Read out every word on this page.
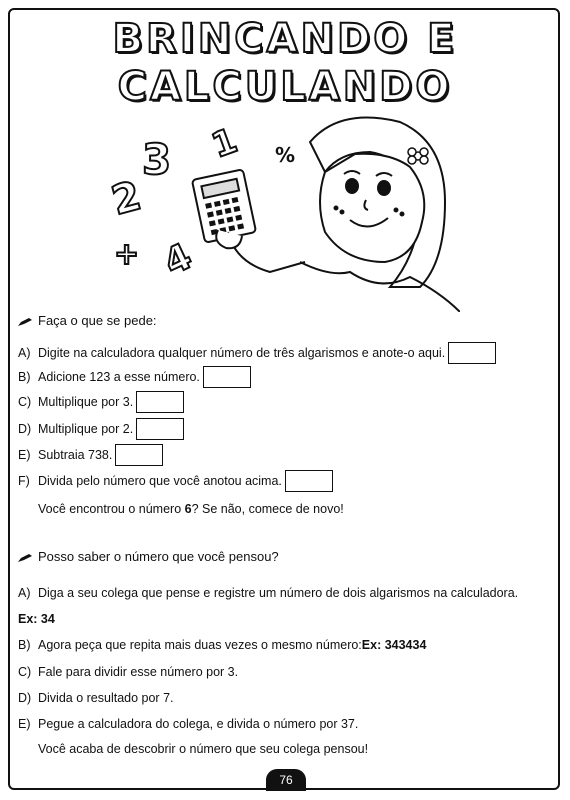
BRINCANDO E
CALCULANDO
3 1 %
2
+ 4
Faça o que se pede:
A) Digite na calculadora qualquer número de três algarismos e anote-o aqui.
B) Adicione 123 a esse número.
C) Multiplique por 3.
D) Multiplique por 2.
E) Subtraia 738.
F) Divida pelo número que você anotou acima.
Você encontrou o número 6? Se não, comece de novo!
Posso saber o número que você pensou?
A) Diga a seu colega que pense e registre um número de dois algarismos na calculadora.
Ex: 34
B) Agora peça que repita mais duas vezes o mesmo número: Ex: 343434
C) Fale para dividir esse número por 3.
D) Divida o resultado por 7.
E) Pegue a calculadora do colega, e divida o número por 37.
Você acaba de descobrir o número que seu colega pensou!
76
